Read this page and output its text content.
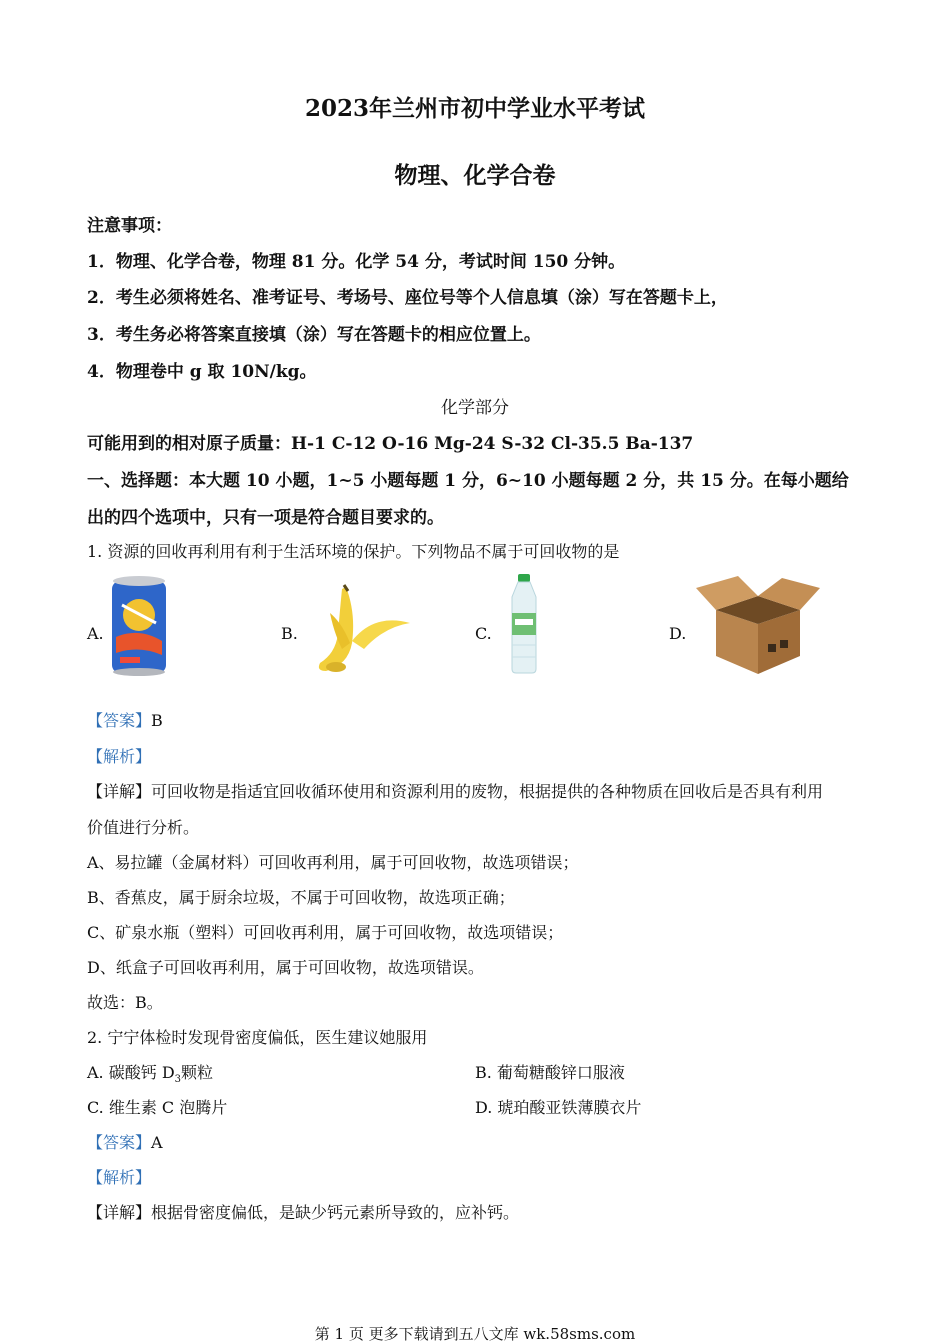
2023年兰州市初中学业水平考试
物理、化学合卷
注意事项：
1．物理、化学合卷，物理 81 分。化学 54 分，考试时间 150 分钟。
2．考生必须将姓名、准考证号、考场号、座位号等个人信息填（涂）写在答题卡上，
3．考生务必将答案直接填（涂）写在答题卡的相应位置上。
4．物理卷中 g 取 10N/kg。
化学部分
可能用到的相对原子质量：H-1 C-12 O-16 Mg-24 S-32 Cl-35.5 Ba-137
一、选择题：本大题 10 小题，1~5 小题每题 1 分，6~10 小题每题 2 分，共 15 分。在每小题给
出的四个选项中，只有一项是符合题目要求的。
1. 资源的回收再利用有利于生活环境的保护。下列物品不属于可回收物的是
A.	B.	C.	D.
【答案】B
【解析】
【详解】可回收物是指适宜回收循环使用和资源利用的废物，根据提供的各种物质在回收后是否具有利用
价值进行分析。
A、易拉罐（金属材料）可回收再利用，属于可回收物，故选项错误；
B、香蕉皮，属于厨余垃圾，不属于可回收物，故选项正确；
C、矿泉水瓶（塑料）可回收再利用，属于可回收物，故选项错误；
D、纸盒子可回收再利用，属于可回收物，故选项错误。
故选：B。
2. 宁宁体检时发现骨密度偏低，医生建议她服用
A. 碳酸钙 $D_3$颗粒	B. 葡萄糖酸锌口服液
C. 维生素 C 泡腾片	D. 琥珀酸亚铁薄膜衣片
【答案】A
【解析】
【详解】根据骨密度偏低，是缺少钙元素所导致的，应补钙。
第 1 页 更多下载请到五八文库 wk.58sms.com
